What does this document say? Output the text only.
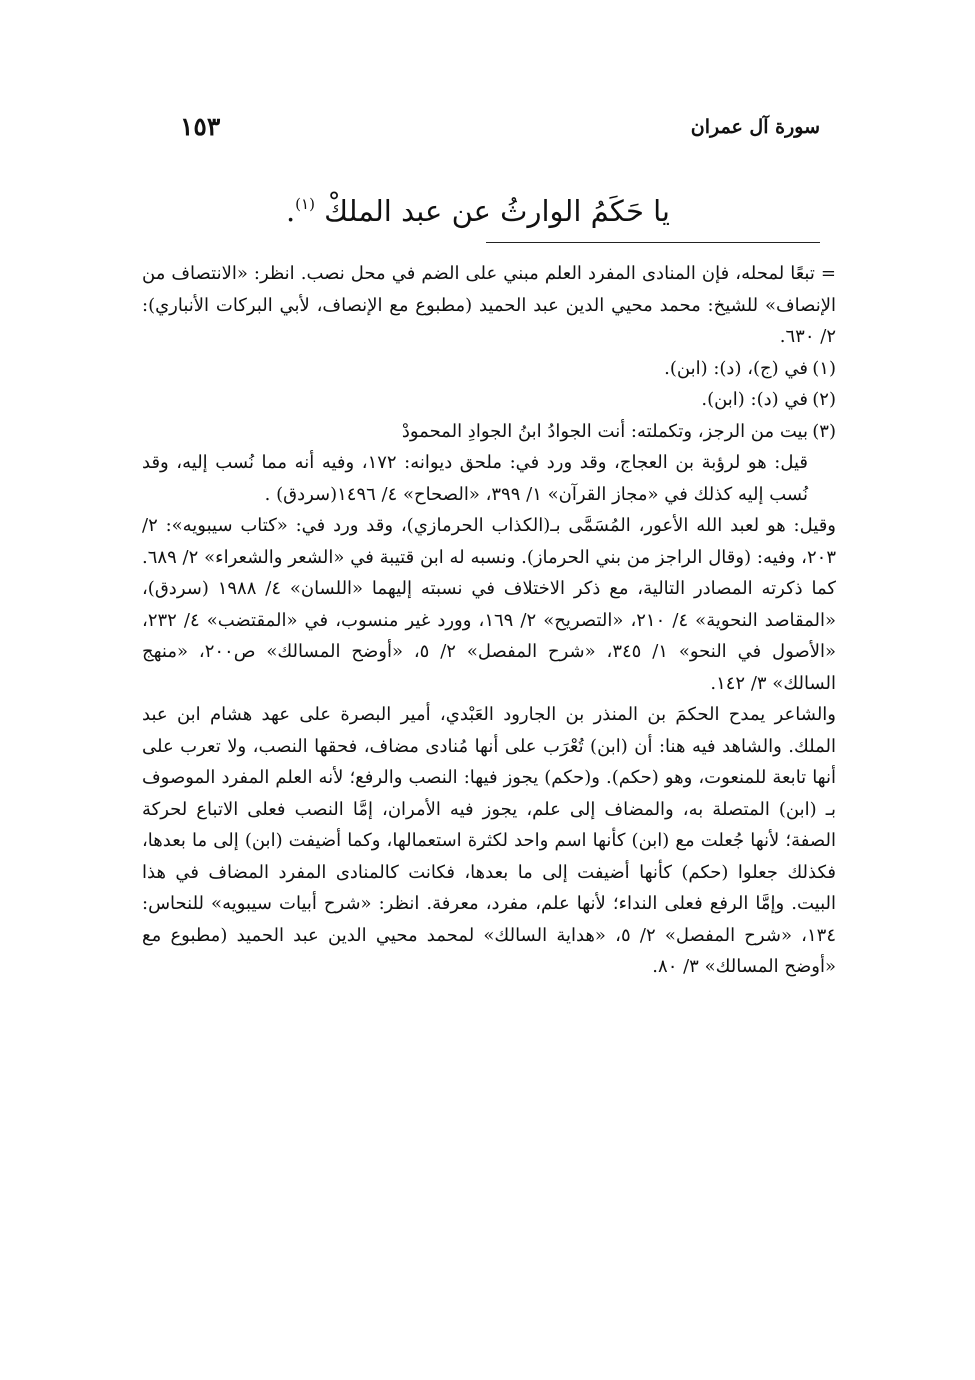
سورة آل عمران
١٥٣
يا حَكَمُ الوارثُ عن عبد الملكْ $^{(١)}$.

= تبعًا لمحله، فإن المنادى المفرد العلم مبني على الضم في محل نصب. انظر: «الانتصاف من الإنصاف» للشيخ: محمد محيي الدين عبد الحميد (مطبوع مع الإنصاف، لأبي البركات الأنباري): ٢/ ٦٣٠.

(١)
في (ج)، (د): (ابن).
(٢)
في (د): (ابن).
(٣)
بيت من الرجز، وتكملته: أنت الجوادُ ابنُ الجوادِ المحمودْ

قيل: هو لرؤبة بن العجاج، وقد ورد في: ملحق ديوانه: ١٧٢، وفيه أنه مما نُسب إليه، وقد نُسب إليه كذلك في «مجاز القرآن» ١/ ٣٩٩، «الصحاح» ٤/ ١٤٩٦(سردق) .

وقيل: هو لعبد الله الأعور، المُسَمَّى بـ(الكذاب الحرمازي)، وقد ورد في: «كتاب سيبويه»: ٢/ ٢٠٣، وفيه: (وقال الراجز من بني الحرماز). ونسبه له ابن قتيبة في «الشعر والشعراء» ٢/ ٦٨٩. كما ذكرته المصادر التالية، مع ذكر الاختلاف في نسبته إليهما «اللسان» ٤/ ١٩٨٨ (سردق)، «المقاصد النحوية» ٤/ ٢١٠، «التصريح» ٢/ ١٦٩، وورد غير منسوب، في «المقتضب» ٤/ ٢٣٢، «الأصول في النحو» ١/ ٣٤٥، «شرح المفصل» ٢/ ٥، «أوضح المسالك» ص٢٠٠، «منهج السالك» ٣/ ١٤٢.

والشاعر يمدح الحكمَ بن المنذر بن الجارود العَبْدي، أمير البصرة على عهد هشام ابن عبد الملك. والشاهد فيه هنا: أن (ابن) تُعْرَب على أنها مُنادى مضاف، فحقها النصب، ولا تعرب على أنها تابعة للمنعوت، وهو (حكم). و(حكم) يجوز فيها: النصب والرفع؛ لأنه العلم المفرد الموصوف بـ (ابن) المتصلة به، والمضاف إلى علم، يجوز فيه الأمران، إمَّا النصب فعلى الاتباع لحركة الصفة؛ لأنها جُعلت مع (ابن) كأنها اسم واحد لكثرة استعمالها، وكما أضيفت (ابن) إلى ما بعدها، فكذلك جعلوا (حكم) كأنها أضيفت إلى ما بعدها، فكانت كالمنادى المفرد المضاف في هذا البيت. وإمَّا الرفع فعلى النداء؛ لأنها علم، مفرد، معرفة. انظر: «شرح أبيات سيبويه» للنحاس: ١٣٤، «شرح المفصل» ٢/ ٥، «هداية السالك» لمحمد محيي الدين عبد الحميد (مطبوع مع «أوضح المسالك» ٣/ ٨٠.
